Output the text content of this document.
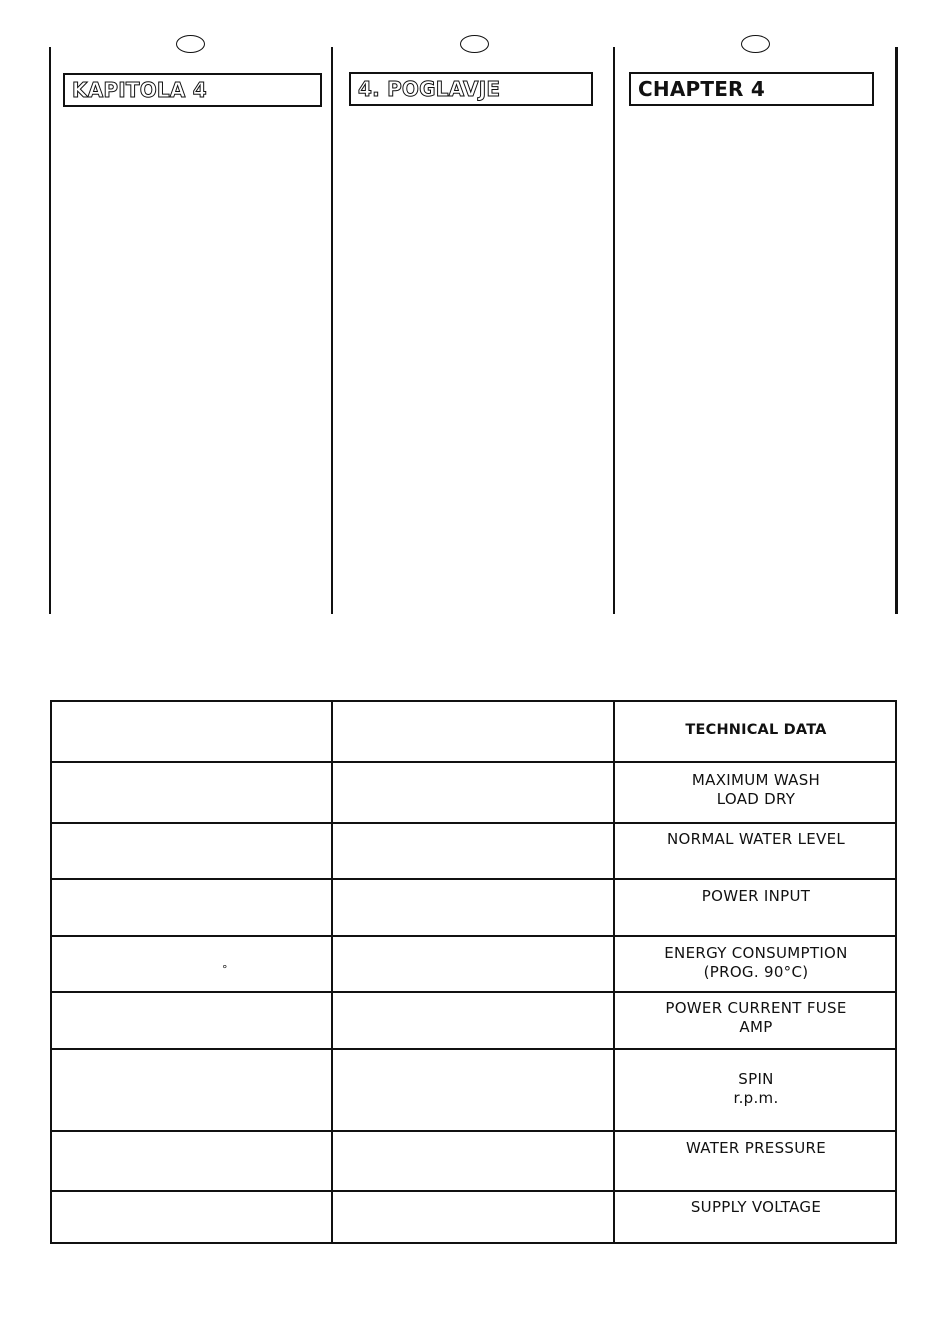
KAPITOLA 4	4. POGLAVJE	CHAPTER 4
TECHNICAL DATA
MAXIMUM WASH
LOAD DRY
NORMAL WATER LEVEL
POWER INPUT
ENERGY CONSUMPTION
(PROG. 90°C)
POWER CURRENT FUSE
AMP
SPIN
r.p.m.
WATER PRESSURE
SUPPLY VOLTAGE
°
